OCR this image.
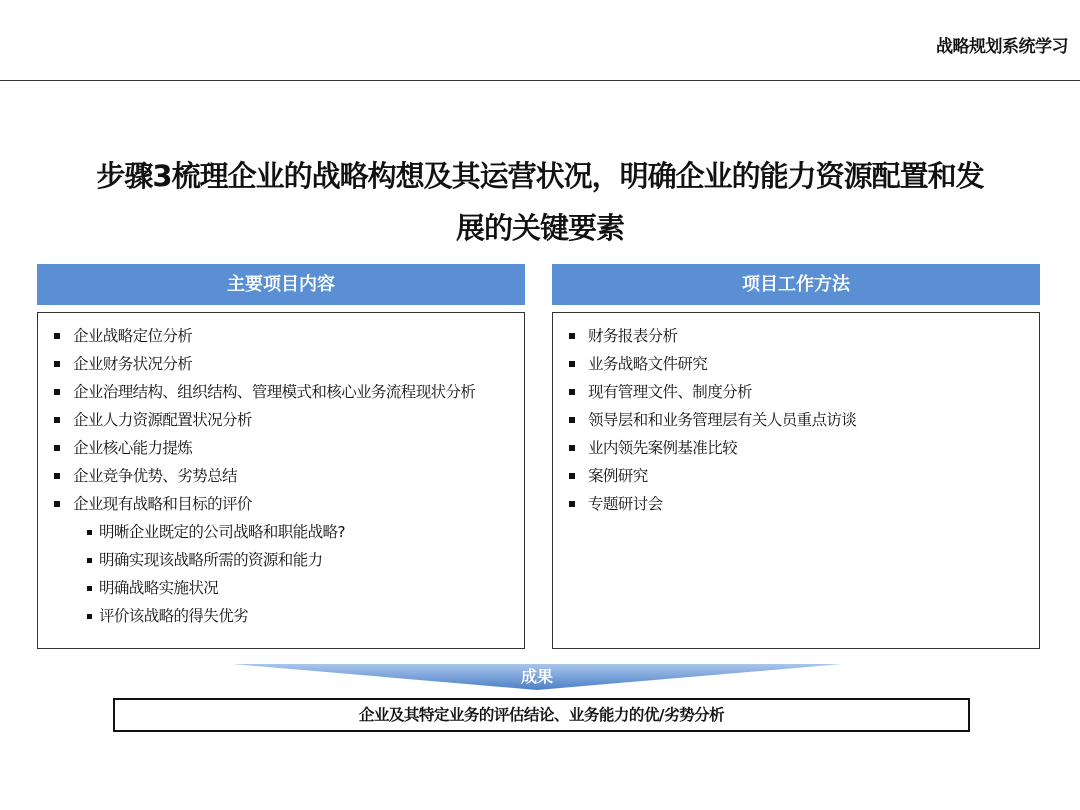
战略规划系统学习
步骤3梳理企业的战略构想及其运营状况，明确企业的能力资源配置和发
展的关键要素
主要项目内容
企业战略定位分析
企业财务状况分析
企业治理结构、组织结构、管理模式和核心业务流程现状分析
企业人力资源配置状况分析
企业核心能力提炼
企业竞争优势、劣势总结
企业现有战略和目标的评价
明晰企业既定的公司战略和职能战略?
明确实现该战略所需的资源和能力
明确战略实施状况
评价该战略的得失优劣
项目工作方法
财务报表分析
业务战略文件研究
现有管理文件、制度分析
领导层和和业务管理层有关人员重点访谈
业内领先案例基准比较
案例研究
专题研讨会
成果
企业及其特定业务的评估结论、业务能力的优/劣势分析
